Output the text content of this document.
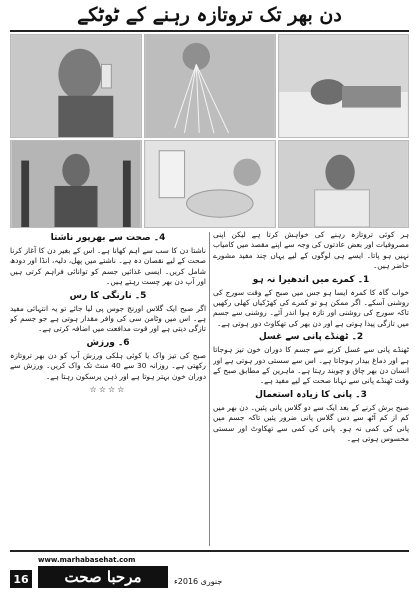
دن بھر تک تروتازہ رہنے کے ٹوٹکے

ہر کوئی تروتازہ رہنے کی خواہش کرتا ہے لیکن اپنی مصروفیات اور بعض عادتوں کی وجہ سے اپنے مقصد میں کامیاب نہیں ہو پاتا۔ ایسے ہی لوگوں کے لیے یہاں چند مفید مشورے حاضر ہیں۔

1۔ کمرے میں اندھیرا نہ ہو

خواب گاہ کا کمرہ ایسا ہو جس میں صبح کے وقت سورج کی روشنی آسکے۔ اگر ممکن ہو تو کمرے کی کھڑکیاں کھلی رکھیں تاکہ سورج کی روشنی اور تازہ ہوا اندر آئے۔ روشنی سے جسم میں تازگی پیدا ہوتی ہے اور دن بھر کی تھکاوٹ دور ہوتی ہے۔

2۔ ٹھنڈے پانی سے غسل

ٹھنڈے پانی سے غسل کرنے سے جسم کا دوران خون تیز ہوجاتا ہے اور دماغ بیدار ہوجاتا ہے۔ اس سے سستی دور ہوتی ہے اور انسان دن بھر چاق و چوبند رہتا ہے۔ ماہرین کے مطابق صبح کے وقت ٹھنڈے پانی سے نہانا صحت کے لیے مفید ہے۔

3۔ پانی کا زیادہ استعمال

صبح برش کرنے کے بعد ایک سے دو گلاس پانی پئیں۔ دن بھر میں کم از کم آٹھ سے دس گلاس پانی ضرور پئیں تاکہ جسم میں پانی کی کمی نہ ہو۔ پانی کی کمی سے تھکاوٹ اور سستی محسوس ہوتی ہے۔

4۔ صحت سے بھرپور ناشتا

ناشتا دن کا سب سے اہم کھانا ہے۔ اس کے بغیر دن کا آغاز کرنا صحت کے لیے نقصان دہ ہے۔ ناشتے میں پھل، دلیہ، انڈا اور دودھ شامل کریں۔ ایسی غذائیں جسم کو توانائی فراہم کرتی ہیں اور آپ دن بھر چست رہتے ہیں۔

5۔ نارنگی کا رس

اگر صبح ایک گلاس اورنج جوس پی لیا جائے تو یہ انتہائی مفید ہے۔ اس میں وٹامن سی کی وافر مقدار ہوتی ہے جو جسم کو تازگی دیتی ہے اور قوت مدافعت میں اضافہ کرتی ہے۔

6۔ ورزش

صبح کی تیز واک یا کوئی ہلکی ورزش آپ کو دن بھر تروتازہ رکھتی ہے۔ روزانہ 30 سے 40 منٹ تک واک کریں۔ ورزش سے دوران خون بہتر ہوتا ہے اور ذہن پرسکون رہتا ہے۔

☆☆☆☆
16
www.marhabasehat.com
مرحبا صحت	جنوری 2016ء
